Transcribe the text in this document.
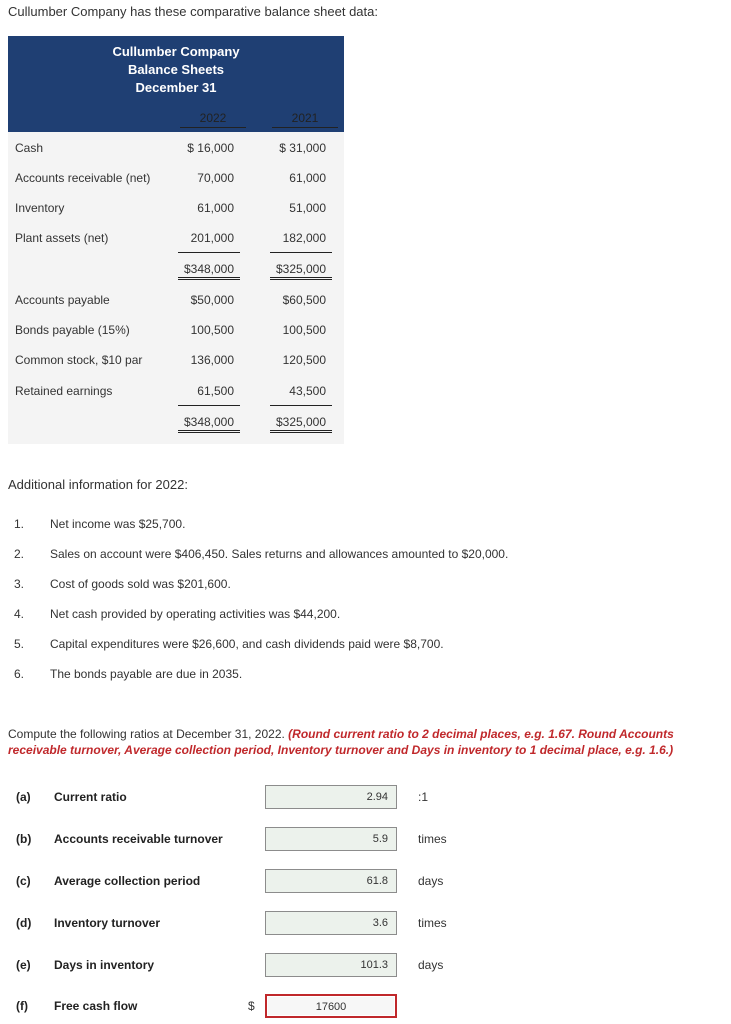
Cullumber Company has these comparative balance sheet data:
Cullumber Company
Balance Sheets
December 31
2022	2021
Cash	$ 16,000	$ 31,000
Accounts receivable (net)	70,000	61,000
Inventory	61,000	51,000
Plant assets (net)	201,000	182,000
$348,000	$325,000
Accounts payable	$50,000	$60,500
Bonds payable (15%)	100,500	100,500
Common stock, $10 par	136,000	120,500
Retained earnings	61,500	43,500
$348,000	$325,000
Additional information for 2022:
1. Net income was $25,700.
2. Sales on account were $406,450. Sales returns and allowances amounted to $20,000.
3. Cost of goods sold was $201,600.
4. Net cash provided by operating activities was $44,200.
5. Capital expenditures were $26,600, and cash dividends paid were $8,700.
6. The bonds payable are due in 2035.
Compute the following ratios at December 31, 2022. (Round current ratio to 2 decimal places, e.g. 1.67. Round Accounts receivable turnover, Average collection period, Inventory turnover and Days in inventory to 1 decimal place, e.g. 1.6.)
(a) Current ratio	2.94	:1
(b) Accounts receivable turnover	5.9	times
(c) Average collection period	61.8	days
(d) Inventory turnover	3.6	times
(e) Days in inventory	101.3	days
(f) Free cash flow	$	17600
